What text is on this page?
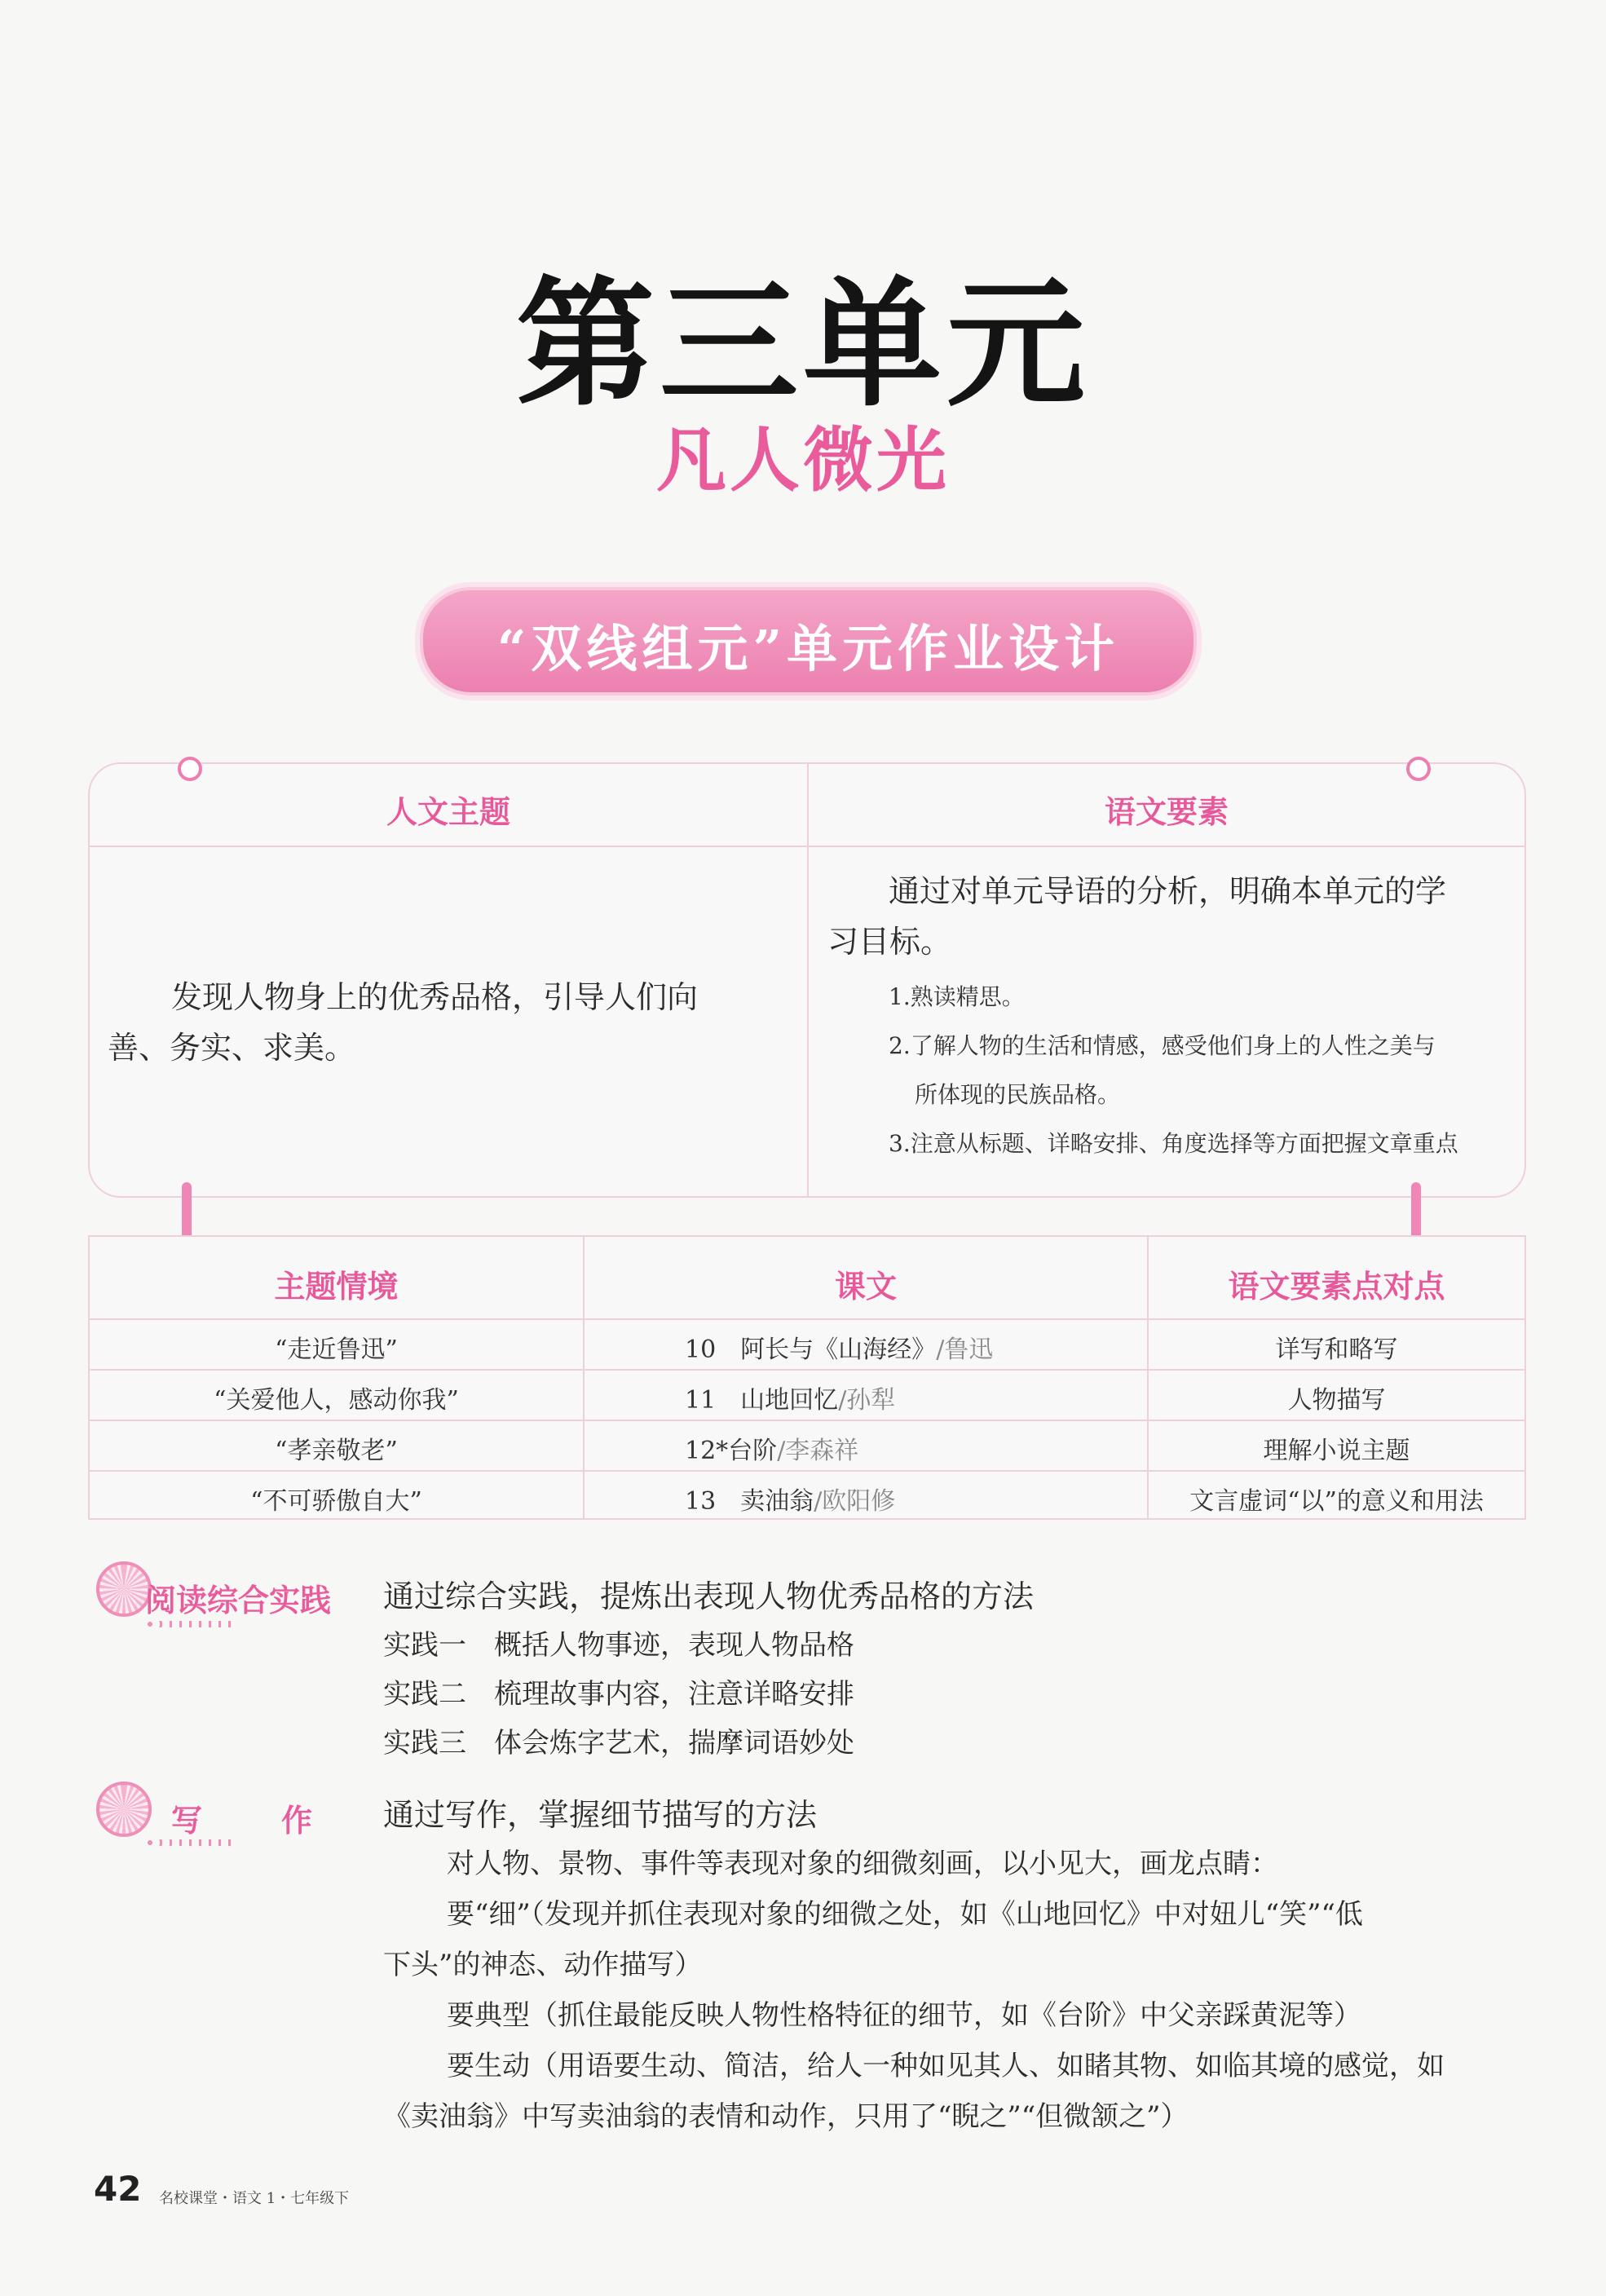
第三单元
凡人微光
“双线组元”单元作业设计
人文主题	语文要素
发现人物身上的优秀品格，引导人们向
善、务实、求美。
通过对单元导语的分析，明确本单元的学
习目标。
1.熟读精思。
2.了解人物的生活和情感，感受他们身上的人性之美与
所体现的民族品格。
3.注意从标题、详略安排、角度选择等方面把握文章重点
主题情境	课文	语文要素点对点
“走近鲁迅”	10　阿长与《山海经》/鲁迅	详写和略写
“关爱他人，感动你我”	11　山地回忆/孙犁	人物描写
“孝亲敬老”	12*台阶/李森祥	理解小说主题
“不可骄傲自大”	13　卖油翁/欧阳修	文言虚词“以”的意义和用法
阅读综合实践 通过综合实践，提炼出表现人物优秀品格的方法
实践一　概括人物事迹，表现人物品格
实践二　梳理故事内容，注意详略安排
实践三　体会炼字艺术，揣摩词语妙处
写	作 通过写作，掌握细节描写的方法
对人物、景物、事件等表现对象的细微刻画，以小见大，画龙点睛：
要“细”（发现并抓住表现对象的细微之处，如《山地回忆》中对妞儿“笑”“低
下头”的神态、动作描写）
要典型（抓住最能反映人物性格特征的细节，如《台阶》中父亲踩黄泥等）
要生动（用语要生动、简洁，给人一种如见其人、如睹其物、如临其境的感觉，如
《卖油翁》中写卖油翁的表情和动作，只用了“睨之”“但微颔之”）
42 名校课堂・语文 1・七年级下
